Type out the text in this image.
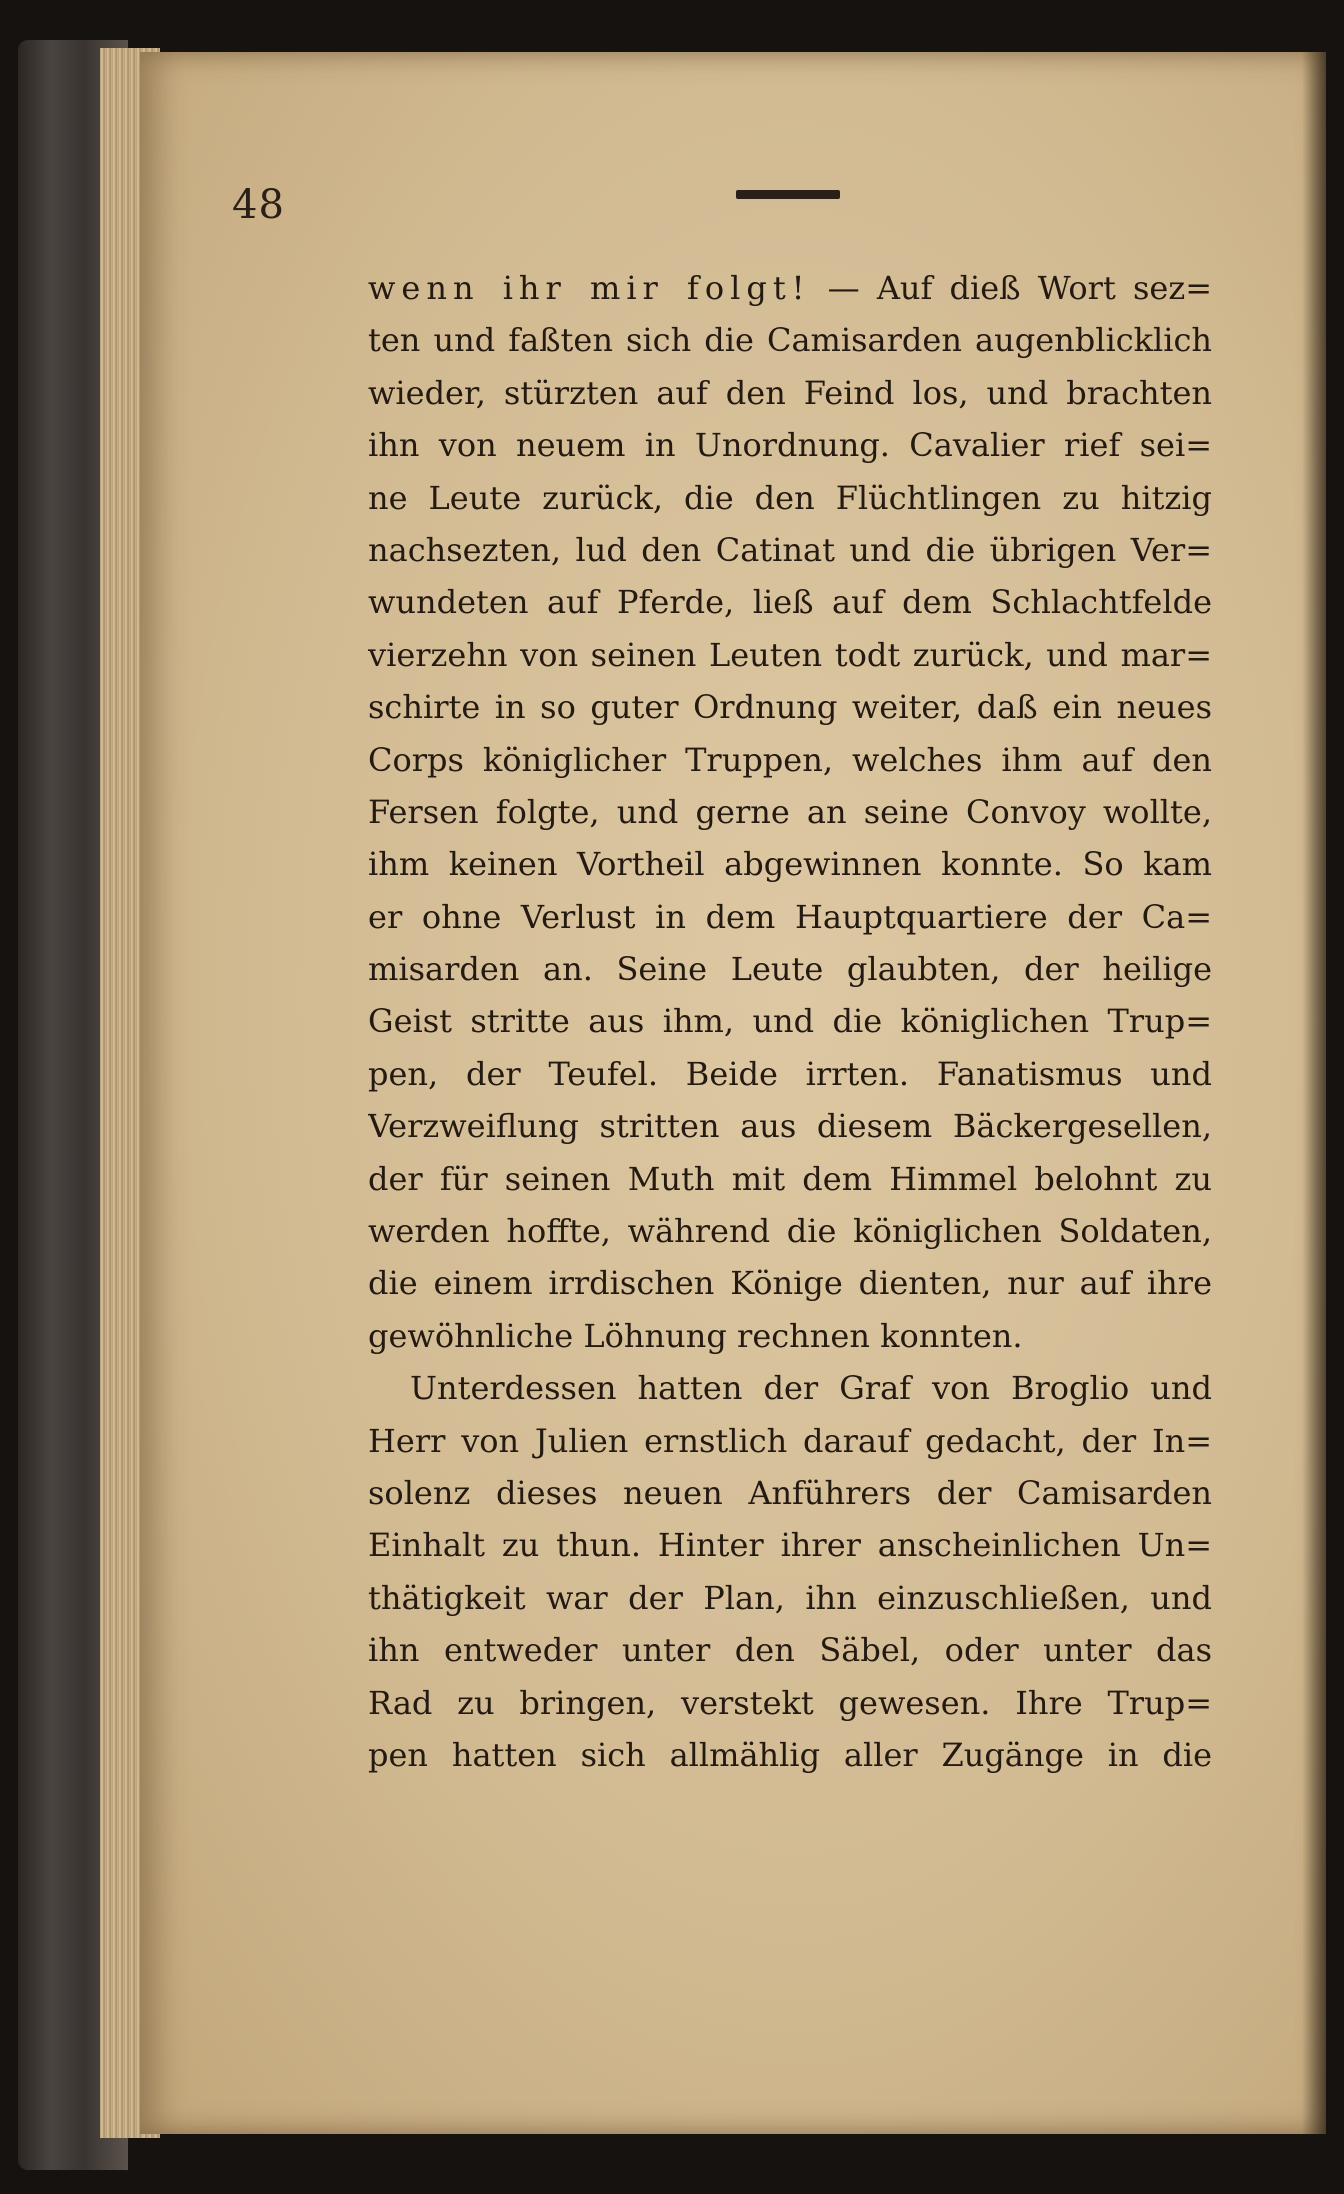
48
wenn ihr mir folgt! — Auf dieß Wort sez=
ten und faßten sich die Camisarden augenblicklich
wieder, stürzten auf den Feind los, und brachten
ihn von neuem in Unordnung. Cavalier rief sei=
ne Leute zurück, die den Flüchtlingen zu hitzig
nachsezten, lud den Catinat und die übrigen Ver=
wundeten auf Pferde, ließ auf dem Schlachtfelde
vierzehn von seinen Leuten todt zurück, und mar=
schirte in so guter Ordnung weiter, daß ein neues
Corps königlicher Truppen, welches ihm auf den
Fersen folgte, und gerne an seine Convoy wollte,
ihm keinen Vortheil abgewinnen konnte. So kam
er ohne Verlust in dem Hauptquartiere der Ca=
misarden an. Seine Leute glaubten, der heilige
Geist stritte aus ihm, und die königlichen Trup=
pen, der Teufel. Beide irrten. Fanatismus und
Verzweiflung stritten aus diesem Bäckergesellen,
der für seinen Muth mit dem Himmel belohnt zu
werden hoffte, während die königlichen Soldaten,
die einem irrdischen Könige dienten, nur auf ihre
gewöhnliche Löhnung rechnen konnten.
Unterdessen hatten der Graf von Broglio und
Herr von Julien ernstlich darauf gedacht, der In=
solenz dieses neuen Anführers der Camisarden
Einhalt zu thun. Hinter ihrer anscheinlichen Un=
thätigkeit war der Plan, ihn einzuschließen, und
ihn entweder unter den Säbel, oder unter das
Rad zu bringen, verstekt gewesen. Ihre Trup=
pen hatten sich allmählig aller Zugänge in die
